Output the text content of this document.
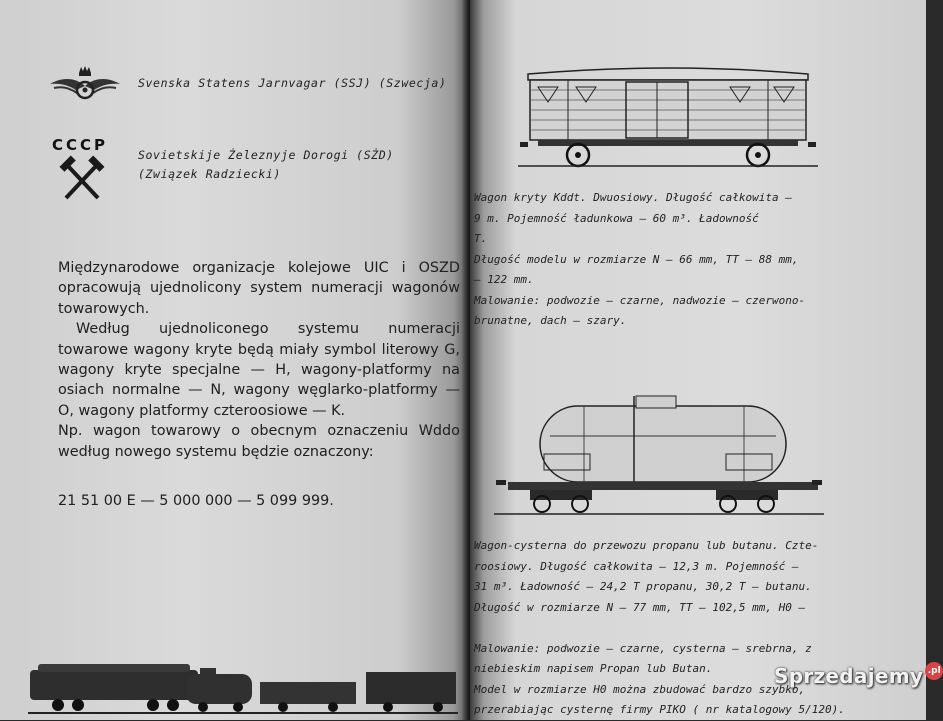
Svenska Statens Jarnvagar (SSJ) (Szwecja)
CCCP
Sovietskije Żeleznyje Dorogi (SŻD)
(Związek Radziecki)

Międzynarodowe organizacje kolejowe UIC i OSZD opracowują ujednolicony system numeracji wagonów towarowych.

Według ujednoliconego systemu numeracji towarowe wagony kryte będą miały symbol literowy G, wagony kryte specjalne — H, wagony-platformy na osiach normalne — N, wagony węglarko-platformy — O, wagony platformy czteroosiowe — K.

Np. wagon towarowy o obecnym oznaczeniu Wddo według nowego systemu będzie oznaczony:

21 51 00 E — 5 000 000 — 5 099 999.
Wagon kryty Kddt. Dwuosiowy. Długość całkowita —
9 m. Pojemność ładunkowa — 60 m³. Ładowność
T.
Długość modelu w rozmiarze N — 66 mm, TT — 88 mm,
— 122 mm.
Malowanie: podwozie — czarne, nadwozie — czerwono-
brunatne, dach — szary.
Wagon-cysterna do przewozu propanu lub butanu. Czte-
roosiowy. Długość całkowita — 12,3 m. Pojemność —
31 m³. Ładowność — 24,2 T propanu, 30,2 T — butanu.
Długość w rozmiarze N — 77 mm, TT — 102,5 mm, H0 —
Malowanie: podwozie — czarne, cysterna — srebrna, z
niebieskim napisem Propan lub Butan.
Model w rozmiarze H0 można zbudować bardzo szybko,
przerabiając cysternę firmy PIKO ( nr katalogowy 5/120).
Sprzedajemy .pl
